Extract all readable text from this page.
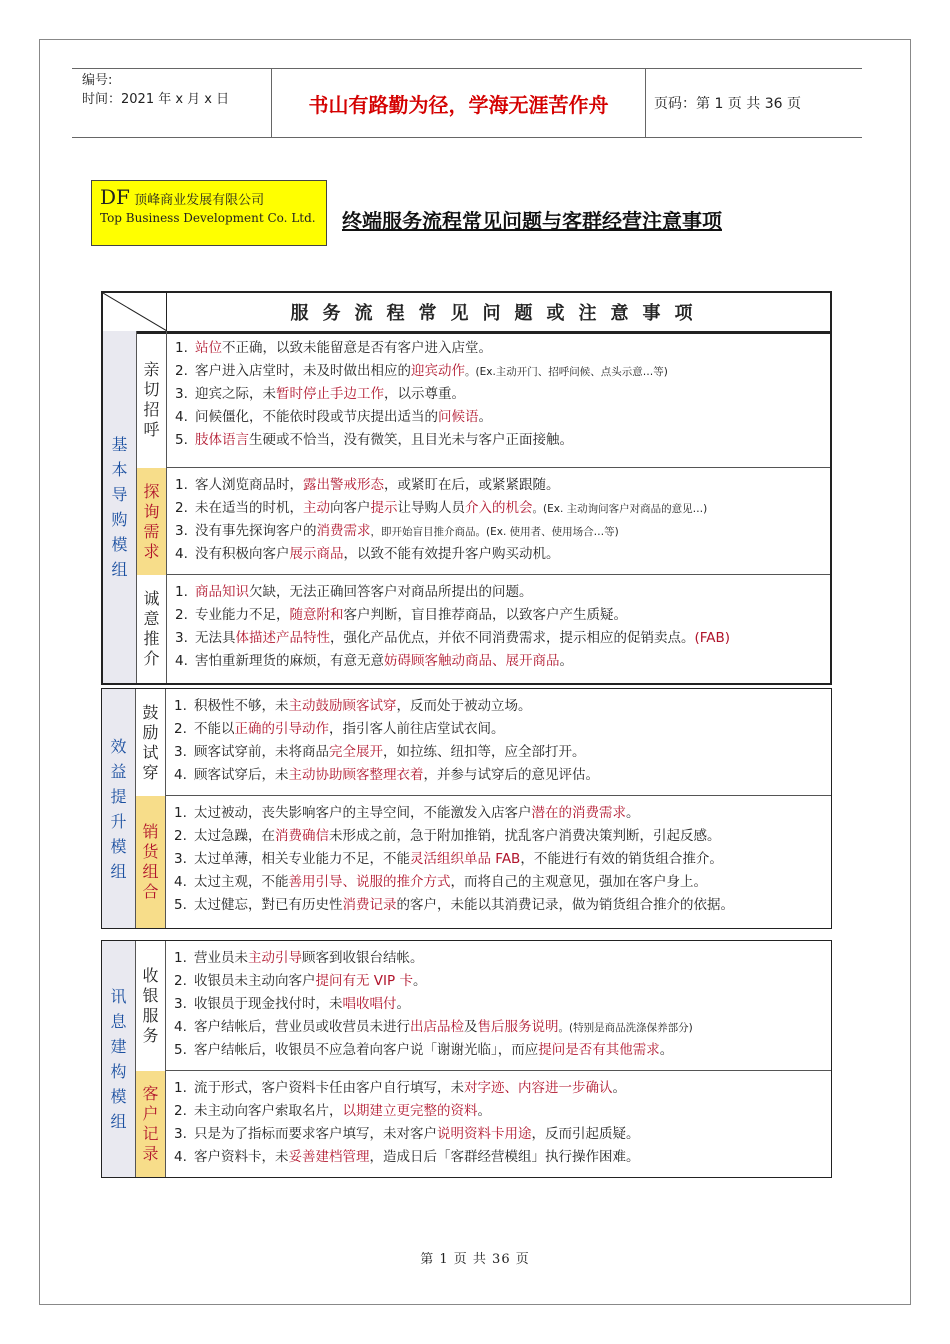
编号:
时间：2021 年 x 月 x 日	书山有路勤为径，学海无涯苦作舟	页码：第 1 页 共 36 页
DF 顶峰商业发展有限公司
Top Business Development Co. Ltd. 终端服务流程常见问题与客群经营注意事项
服务流程常见问题或注意事项
基
本
导
购
模
组
亲
切
招
呼
1.站位不正确，以致未能留意是否有客户进入店堂。
2.客户进入店堂时，未及时做出相应的迎宾动作。(Ex.主动开门、招呼问候、点头示意…等)
3.迎宾之际，未暂时停止手边工作，以示尊重。
4.问候僵化，不能依时段或节庆提出适当的问候语。
5.肢体语言生硬或不恰当，没有微笑，且目光未与客户正面接触。
探
询
需
求
1.客人浏览商品时，露出警戒形态，或紧盯在后，或紧紧跟随。
2.未在适当的时机，主动向客户提示让导购人员介入的机会。(Ex. 主动询问客户对商品的意见…)
3.没有事先探询客户的消费需求，即开始盲目推介商品。(Ex. 使用者、使用场合…等)
4.没有积极向客户展示商品，以致不能有效提升客户购买动机。
诚
意
推
介
1.商品知识欠缺，无法正确回答客户对商品所提出的问题。
2.专业能力不足，随意附和客户判断，盲目推荐商品，以致客户产生质疑。
3.无法具体描述产品特性，强化产品优点，并依不同消费需求，提示相应的促销卖点。(FAB)
4.害怕重新理货的麻烦，有意无意妨碍顾客触动商品、展开商品。
效
益
提
升
模
组
鼓
励
试
穿
1.积极性不够，未主动鼓励顾客试穿，反而处于被动立场。
2.不能以正确的引导动作，指引客人前往店堂试衣间。
3.顾客试穿前，未将商品完全展开，如拉练、纽扣等，应全部打开。
4.顾客试穿后，未主动协助顾客整理衣着，并参与试穿后的意见评估。
销
货
组
合
1.太过被动，丧失影响客户的主导空间，不能激发入店客户潜在的消费需求。
2.太过急躁，在消费确信未形成之前，急于附加推销，扰乱客户消费决策判断，引起反感。
3.太过单薄，相关专业能力不足，不能灵活组织单品 FAB，不能进行有效的销货组合推介。
4.太过主观，不能善用引导、说服的推介方式，而将自己的主观意见，强加在客户身上。
5.太过健忘，對已有历史性消费记录的客户，未能以其消费记录，做为销货组合推介的依据。
讯
息
建
构
模
组
收
银
服
务
1.营业员未主动引导顾客到收银台结帐。
2.收银员未主动向客户提问有无 VIP 卡。
3.收银员于现金找付时，未唱收唱付。
4.客户结帐后，营业员或收营员未进行出店品检及售后服务说明。(特别是商品洗涤保养部分)
5.客户结帐后，收银员不应急着向客户说「谢谢光临」，而应提问是否有其他需求。
客
户
记
录
1.流于形式，客户资料卡任由客户自行填写，未对字迹、内容进一步确认。
2.未主动向客户索取名片，以期建立更完整的资料。
3.只是为了指标而要求客户填写，未对客户说明资料卡用途，反而引起质疑。
4.客户资料卡，未妥善建档管理，造成日后「客群经营模组」执行操作困难。
第 1 页 共 36 页
